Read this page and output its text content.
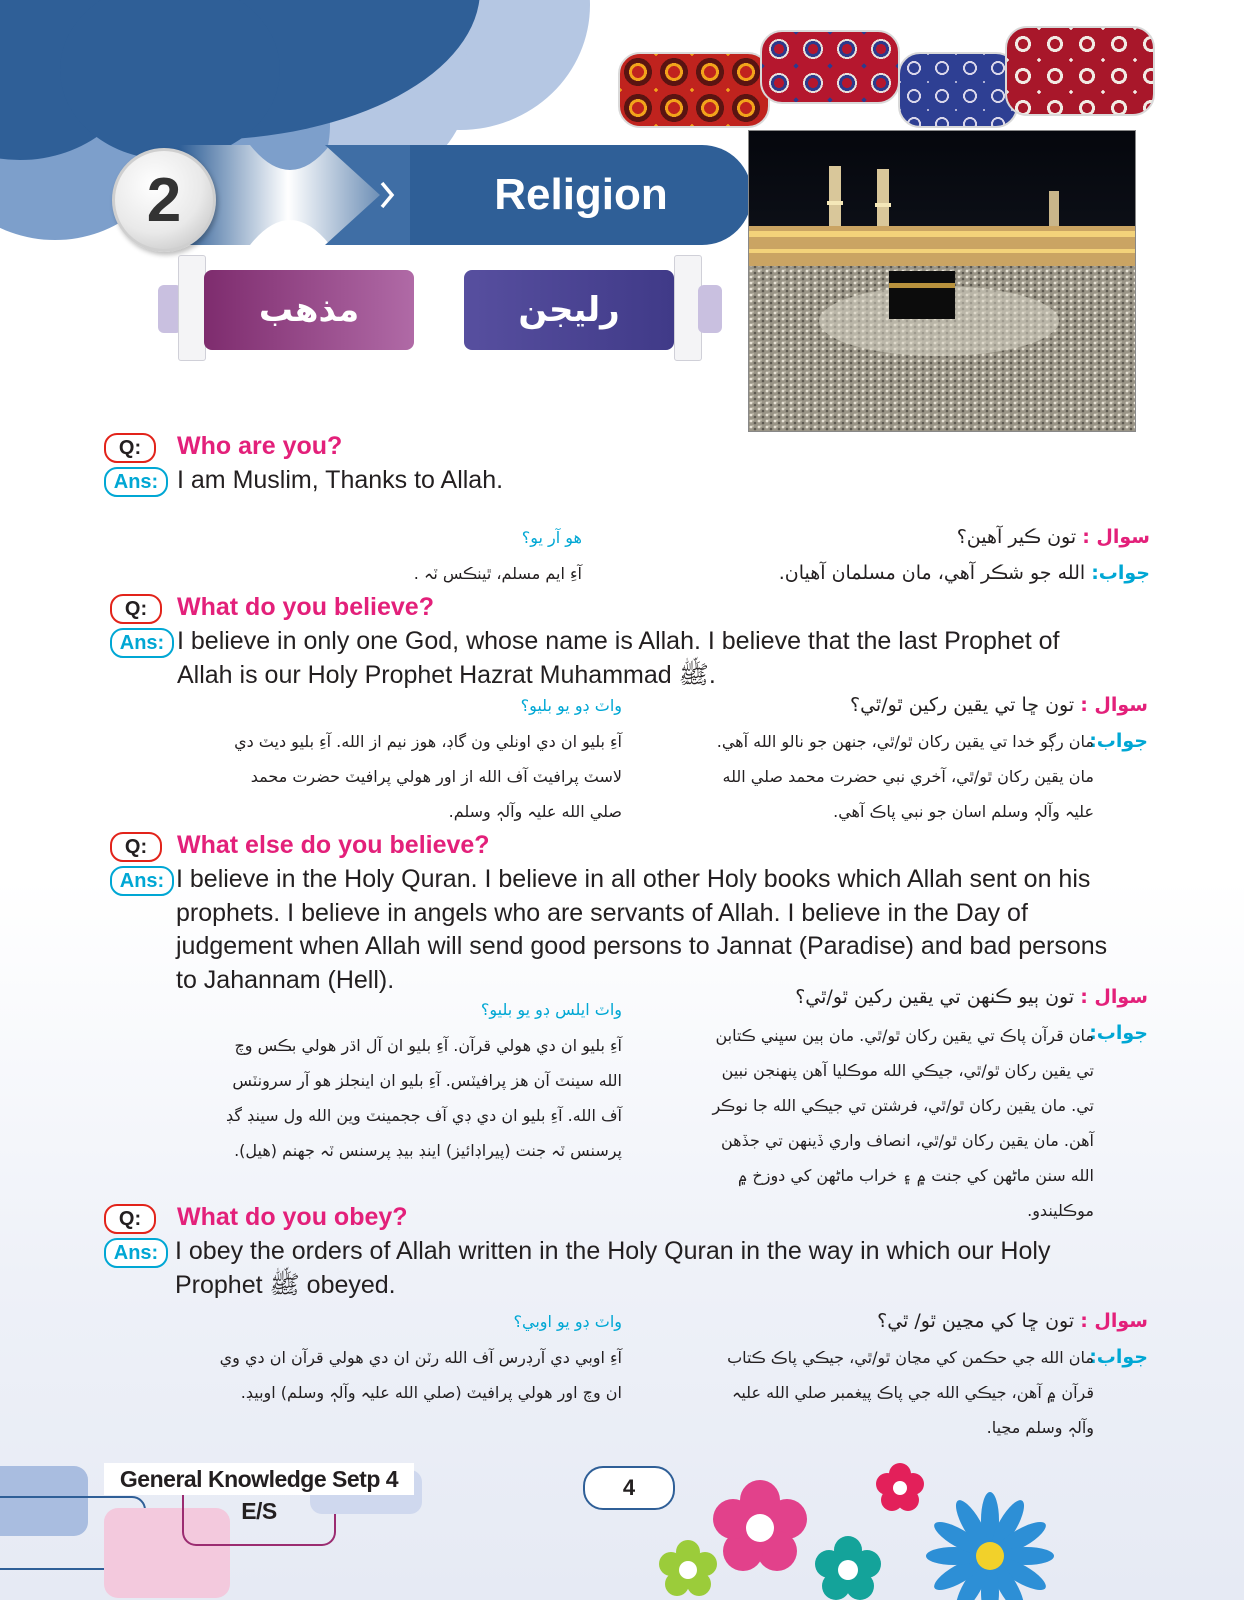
2	Religion
مذهب	رليجن
Q:	Who are you?
Ans: I am Muslim, Thanks to Allah.
سوال : تون ڪير آهين؟
جواب: الله جو شڪر آهي، مان مسلمان آهيان.
هو آر يو؟
آءِ ايم مسلم، ٿينڪس ٽہ .
Q:	What do you believe?
Ans: I believe in only one God, whose name is Allah. I believe that the last Prophet of Allah is our Holy Prophet Hazrat Muhammad ﷺ.
سوال : تون ڇا تي يقين رکين ٿو/ٿي؟
جواب:
مان رڳو خدا تي يقين رکان ٿو/ٿي، جنهن جو نالو الله آهي. مان يقين رکان ٿو/ٿي، آخري نبي حضرت محمد صلي الله عليہ وآلہٖ وسلم اسان جو نبي پاڪ آهي.
واٽ ڊو يو بليو؟
آءِ بليو ان دي اونلي ون گاڊ، هوز نيم از الله. آءِ بليو ديٽ دي لاسٽ پرافيٽ آف الله از اور هولي پرافيٽ حضرت محمد صلي الله عليہ وآلہٖ وسلم.
Q:	What else do you believe?
Ans: I believe in the Holy Quran. I believe in all other Holy books which Allah sent on his prophets. I believe in angels who are servants of Allah. I believe in the Day of judgement when Allah will send good persons to Jannat (Paradise) and bad persons to Jahannam (Hell).
سوال : تون ٻيو ڪنهن تي يقين رکين ٿو/ٿي؟
جواب:
مان قرآن پاڪ تي يقين رکان ٿو/ٿي. مان ٻين سڀني ڪتابن تي يقين رکان ٿو/ٿي، جيڪي الله موڪليا آهن پنهنجن نبين تي. مان يقين رکان ٿو/ٿي، فرشتن تي جيڪي الله جا نوڪر آهن. مان يقين رکان ٿو/ٿي، انصاف واري ڏينهن تي جڏهن الله سنن ماڻهن کي جنت ۾ ۽ خراب ماڻهن کي دوزخ ۾ موڪليندو.
واٽ ايلس ڊو يو بليو؟
آءِ بليو ان دي هولي قرآن. آءِ بليو ان آل اڌر هولي بڪس وچ الله سينٽ آن هز پرافيٽس. آءِ بليو ان اينجلز هو آر سرونٽس آف الله. آءِ بليو ان دي ڊي آف ججمينٽ وين الله ول سينڊ گڊ پرسنس ٽہ جنت (پيراڊائيز) اينڊ بيڊ پرسنس ٽہ جهنم (هيل).
Q:	What do you obey?
Ans: I obey the orders of Allah written in the Holy Quran in the way in which our Holy Prophet ﷺ obeyed.
سوال : تون ڇا کي مڃين ٿو/ ٿي؟
جواب:
مان الله جي حڪمن کي مڃان ٿو/ٿي، جيڪي پاڪ ڪتاب قرآن ۾ آهن، جيڪي الله جي پاڪ پيغمبر صلي الله عليہ وآلہٖ وسلم مڃيا.
واٽ ڊو يو اوبي؟
آءِ اوبي دي آرڊرس آف الله رٽن ان دي هولي قرآن ان دي وي ان وچ اور هولي پرافيٽ (صلي الله عليہ وآلہٖ وسلم) اوبيڊ.
General Knowledge Setp 4 E/S
4
